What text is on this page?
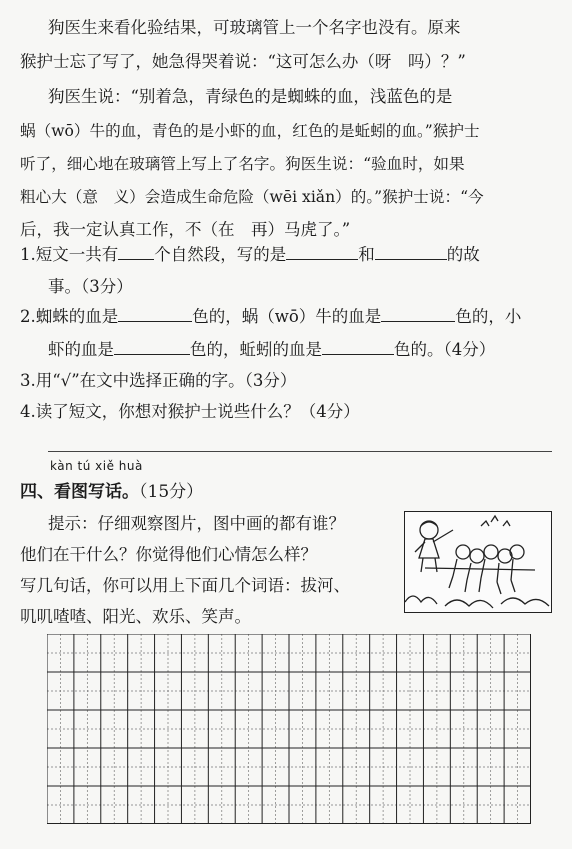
狗医生来看化验结果，可玻璃管上一个名字也没有。原来
猴护士忘了写了，她急得哭着说：“这可怎么办（呀　吗）？”
狗医生说：“别着急，青绿色的是蜘蛛的血，浅蓝色的是
蜗（wō）牛的血，青色的是小虾的血，红色的是蚯蚓的血。”猴护士
听了，细心地在玻璃管上写上了名字。狗医生说：“验血时，如果
粗心大（意　义）会造成生命危险（wēi xiǎn）的。”猴护士说：“今
后，我一定认真工作，不（在　再）马虎了。”
1.短文一共有 个自然段，写的是	和	的故
事。（3分）
2.蜘蛛的血是	色的，蜗（wō）牛的血是	色的，小
虾的血是	色的，蚯蚓的血是	色的。（4分）
3.用“√”在文中选择正确的字。（3分）
4.读了短文，你想对猴护士说些什么？（4分）
kàn tú xiě huà
四、看图写话。（15分）
提示：仔细观察图片，图中画的都有谁？
他们在干什么？你觉得他们心情怎么样？
写几句话，你可以用上下面几个词语：拔河、
叽叽喳喳、阳光、欢乐、笑声。
